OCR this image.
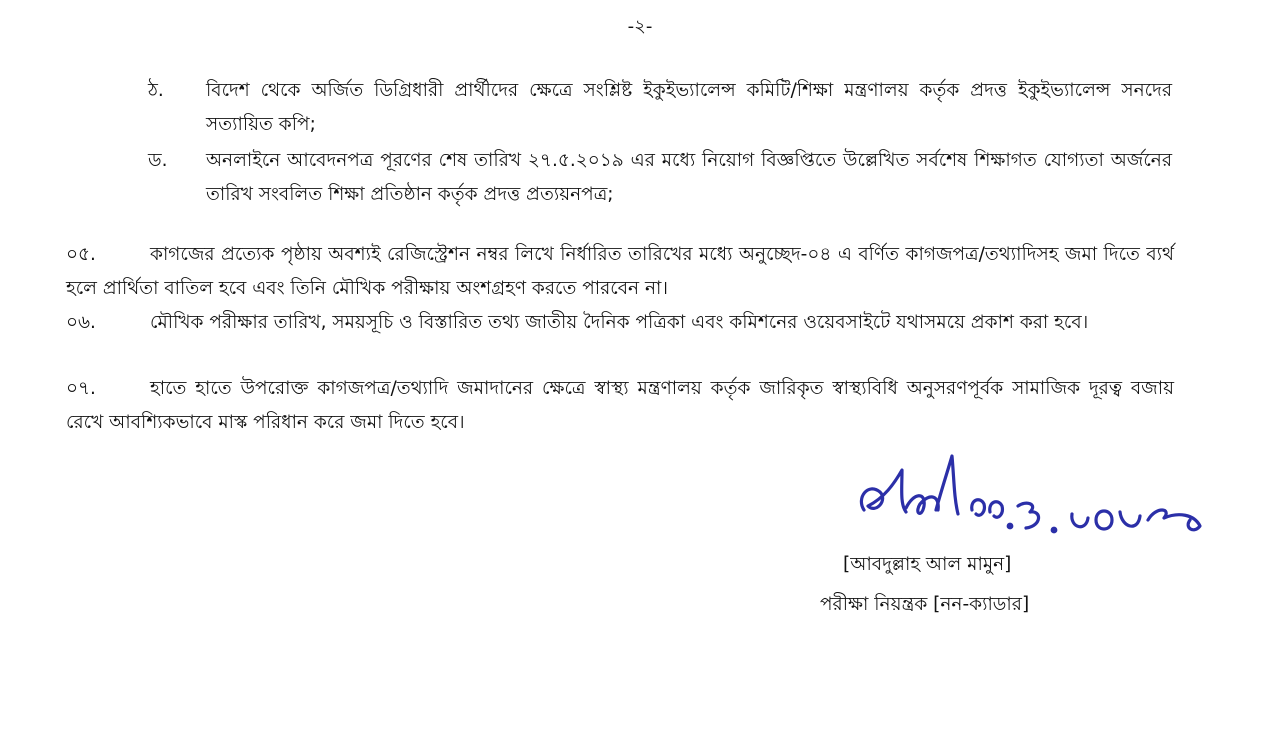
-২-
ঠ. বিদেশ থেকে অর্জিত ডিগ্রিধারী প্রার্থীদের ক্ষেত্রে সংশ্লিষ্ট ইকুইভ্যালেন্স কমিটি/শিক্ষা মন্ত্রণালয় কর্তৃক প্রদত্ত ইকুইভ্যালেন্স সনদের সত্যায়িত কপি;

ড. অনলাইনে আবেদনপত্র পূরণের শেষ তারিখ ২৭.৫.২০১৯ এর মধ্যে নিয়োগ বিজ্ঞপ্তিতে উল্লেখিত সর্বশেষ শিক্ষাগত যোগ্যতা অর্জনের তারিখ সংবলিত শিক্ষা প্রতিষ্ঠান কর্তৃক প্রদত্ত প্রত্যয়নপত্র;

০৫.	কাগজের প্রত্যেক পৃষ্ঠায় অবশ্যই রেজিস্ট্রেশন নম্বর লিখে নির্ধারিত তারিখের মধ্যে অনুচ্ছেদ-০৪ এ বর্ণিত কাগজপত্র/তথ্যাদিসহ জমা দিতে ব্যর্থ হলে প্রার্থিতা বাতিল হবে এবং তিনি মৌখিক পরীক্ষায় অংশগ্রহণ করতে পারবেন না।

০৬.	মৌখিক পরীক্ষার তারিখ, সময়সূচি ও বিস্তারিত তথ্য জাতীয় দৈনিক পত্রিকা এবং কমিশনের ওয়েবসাইটে যথাসময়ে প্রকাশ করা হবে।

০৭.	হাতে হাতে উপরোক্ত কাগজপত্র/তথ্যাদি জমাদানের ক্ষেত্রে স্বাস্থ্য মন্ত্রণালয় কর্তৃক জারিকৃত স্বাস্থ্যবিধি অনুসরণপূর্বক সামাজিক দূরত্ব বজায় রেখে আবশ্যিকভাবে মাস্ক পরিধান করে জমা দিতে হবে।

[আবদুল্লাহ আল মামুন]
পরীক্ষা নিয়ন্ত্রক [নন-ক্যাডার]
